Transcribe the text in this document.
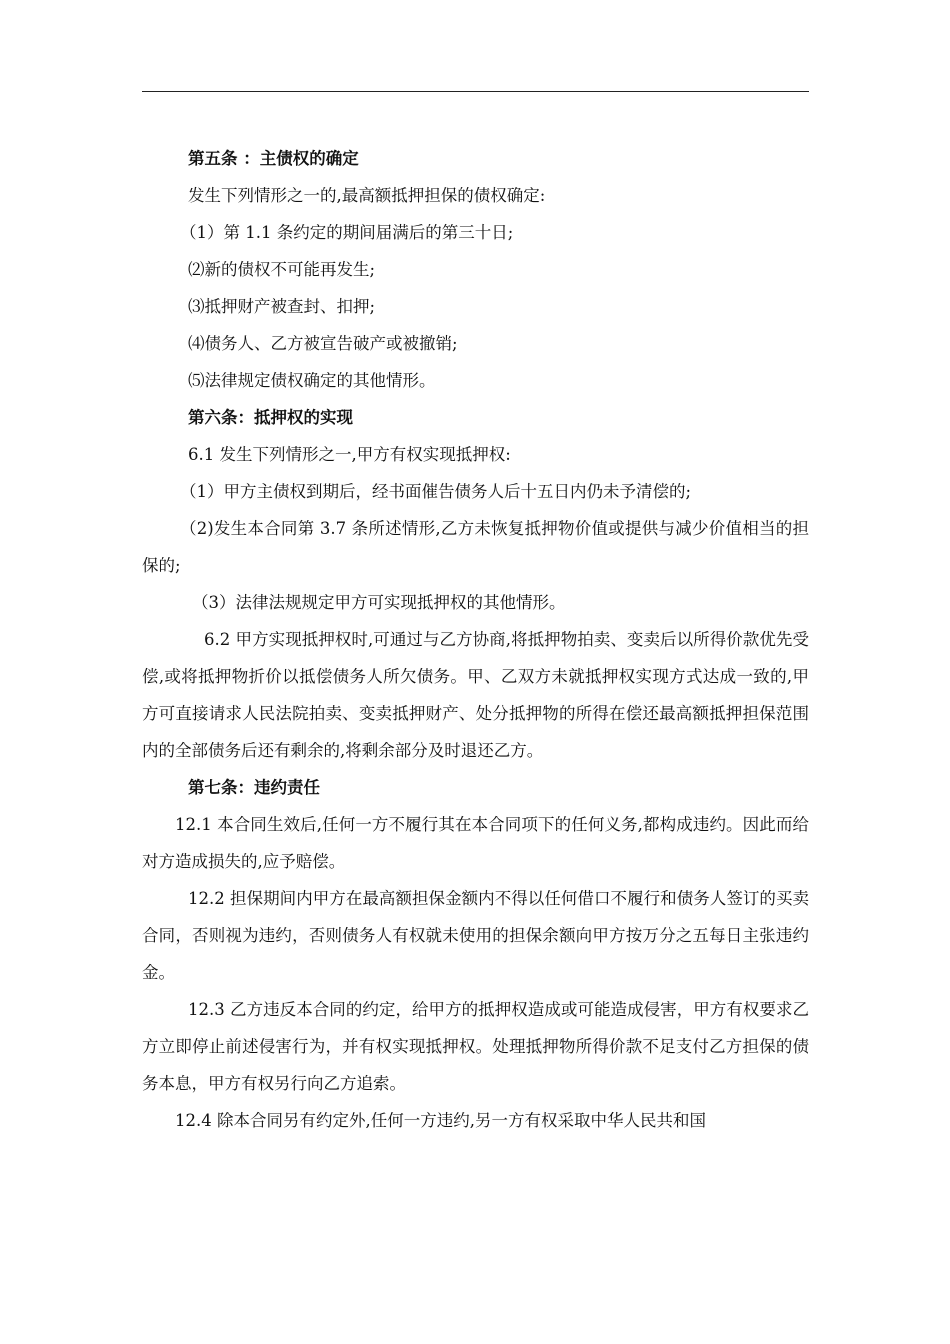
第五条 ：主债权的确定

发生下列情形之一的,最高额抵押担保的债权确定:

（1）第 1.1 条约定的期间届满后的第三十日;

⑵新的债权不可能再发生;

⑶抵押财产被查封、扣押;

⑷债务人、乙方被宣告破产或被撤销;

⑸法律规定债权确定的其他情形。

第六条：抵押权的实现

6.1 发生下列情形之一,甲方有权实现抵押权:

（1）甲方主债权到期后，经书面催告债务人后十五日内仍未予清偿的;

（2)发生本合同第 3.7 条所述情形,乙方未恢复抵押物价值或提供与减少价值相当的担保的;

（3）法律法规规定甲方可实现抵押权的其他情形。

6.2 甲方实现抵押权时,可通过与乙方协商,将抵押物拍卖、变卖后以所得价款优先受偿,或将抵押物折价以抵偿债务人所欠债务。甲、乙双方未就抵押权实现方式达成一致的,甲方可直接请求人民法院拍卖、变卖抵押财产、处分抵押物的所得在偿还最高额抵押担保范围内的全部债务后还有剩余的,将剩余部分及时退还乙方。

第七条：违约责任

12.1 本合同生效后,任何一方不履行其在本合同项下的任何义务,都构成违约。因此而给对方造成损失的,应予赔偿。

12.2 担保期间内甲方在最高额担保金额内不得以任何借口不履行和债务人签订的买卖合同，否则视为违约，否则债务人有权就未使用的担保余额向甲方按万分之五每日主张违约金。

12.3 乙方违反本合同的约定，给甲方的抵押权造成或可能造成侵害，甲方有权要求乙方立即停止前述侵害行为，并有权实现抵押权。处理抵押物所得价款不足支付乙方担保的债务本息，甲方有权另行向乙方追索。

12.4 除本合同另有约定外,任何一方违约,另一方有权采取中华人民共和国
